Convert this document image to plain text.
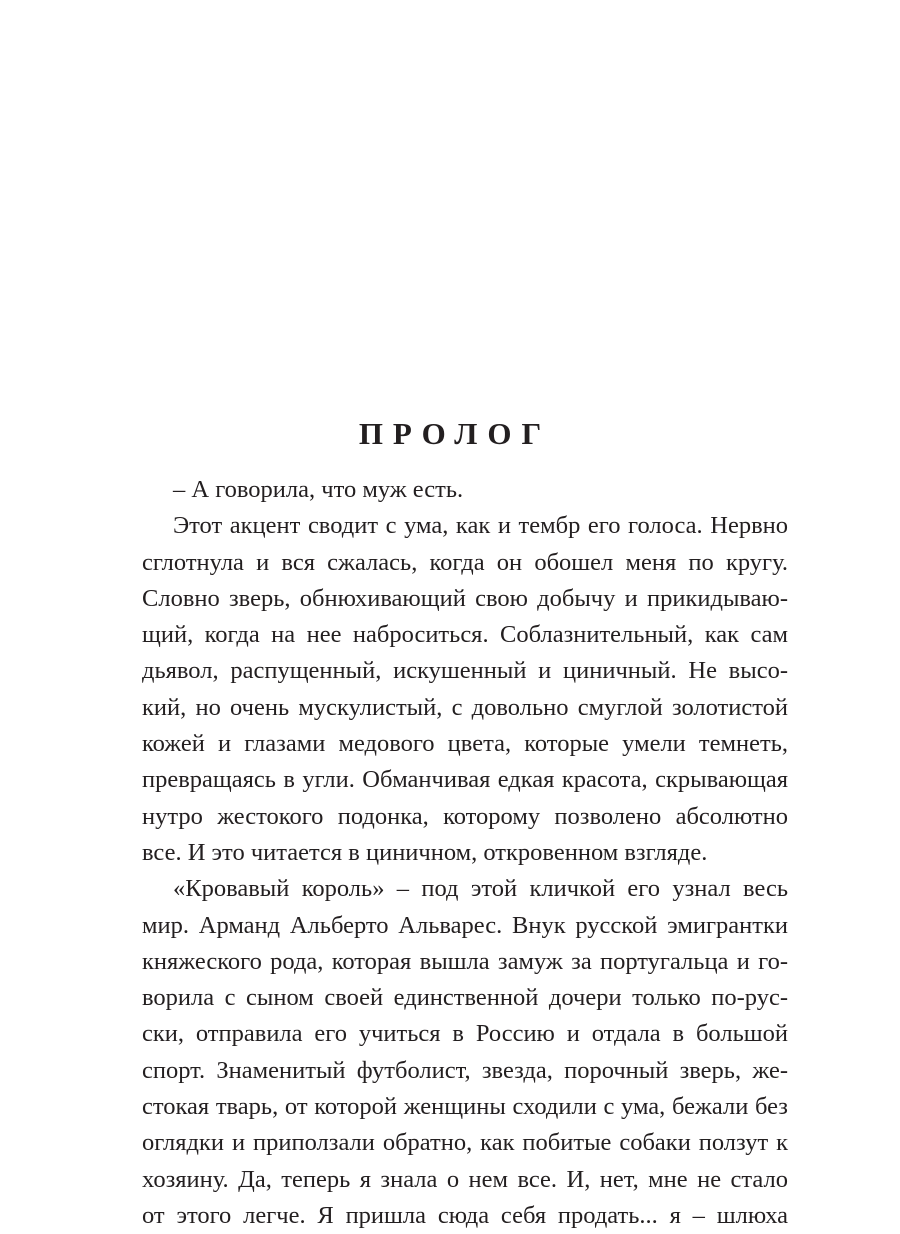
ПРОЛОГ
– А говорила, что муж есть.
Этот акцент сводит с ума, как и тембр его голоса. Нервно
сглотнула и вся сжалась, когда он обошел меня по кругу.
Словно зверь, обнюхивающий свою добычу и прикидываю-
щий, когда на нее наброситься. Соблазнительный, как сам
дьявол, распущенный, искушенный и циничный. Не высо-
кий, но очень мускулистый, с довольно смуглой золотистой
кожей и глазами медового цвета, которые умели темнеть,
превращаясь в угли. Обманчивая едкая красота, скрывающая
нутро жестокого подонка, которому позволено абсолютно
все. И это читается в циничном, откровенном взгляде.
«Кровавый король» – под этой кличкой его узнал весь
мир. Арманд Альберто Альварес. Внук русской эмигрантки
княжеского рода, которая вышла замуж за португальца и го-
ворила с сыном своей единственной дочери только по-рус-
ски, отправила его учиться в Россию и отдала в большой
спорт. Знаменитый футболист, звезда, порочный зверь, же-
стокая тварь, от которой женщины сходили с ума, бежали без
оглядки и приползали обратно, как побитые собаки ползут к
хозяину. Да, теперь я знала о нем все. И, нет, мне не стало
от этого легче. Я пришла сюда себя продать... я – шлюха
